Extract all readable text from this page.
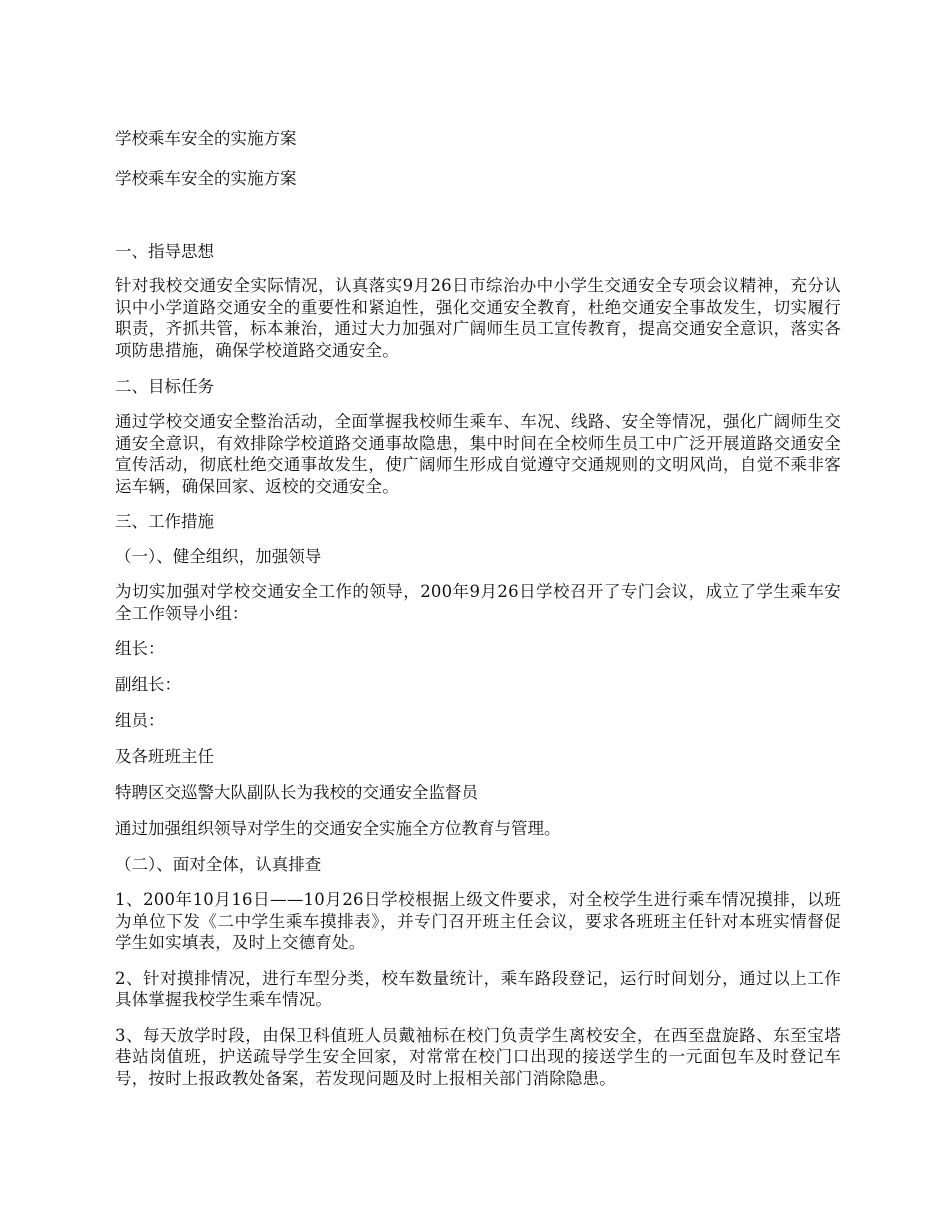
学校乘车安全的实施方案

学校乘车安全的实施方案

一、指导思想

针对我校交通安全实际情况，认真落实9月26日市综治办中小学生交通安全专项会议精神，充分认识中小学道路交通安全的重要性和紧迫性，强化交通安全教育，杜绝交通安全事故发生，切实履行职责，齐抓共管，标本兼治，通过大力加强对广阔师生员工宣传教育，提高交通安全意识，落实各项防患措施，确保学校道路交通安全。

二、目标任务

通过学校交通安全整治活动，全面掌握我校师生乘车、车况、线路、安全等情况，强化广阔师生交通安全意识，有效排除学校道路交通事故隐患，集中时间在全校师生员工中广泛开展道路交通安全宣传活动，彻底杜绝交通事故发生，使广阔师生形成自觉遵守交通规则的文明风尚，自觉不乘非客运车辆，确保回家、返校的交通安全。

三、工作措施

（一）、健全组织，加强领导

为切实加强对学校交通安全工作的领导，200年9月26日学校召开了专门会议，成立了学生乘车安全工作领导小组：

组长：

副组长：

组员：

及各班班主任

特聘区交巡警大队副队长为我校的交通安全监督员

通过加强组织领导对学生的交通安全实施全方位教育与管理。

（二）、面对全体，认真排查

1、200年10月16日——10月26日学校根据上级文件要求，对全校学生进行乘车情况摸排，以班为单位下发《二中学生乘车摸排表》，并专门召开班主任会议，要求各班班主任针对本班实情督促学生如实填表，及时上交德育处。

2、针对摸排情况，进行车型分类，校车数量统计，乘车路段登记，运行时间划分，通过以上工作具体掌握我校学生乘车情况。

3、每天放学时段，由保卫科值班人员戴袖标在校门负责学生离校安全，在西至盘旋路、东至宝塔巷站岗值班，护送疏导学生安全回家，对常常在校门口出现的接送学生的一元面包车及时登记车号，按时上报政教处备案，若发现问题及时上报相关部门消除隐患。
